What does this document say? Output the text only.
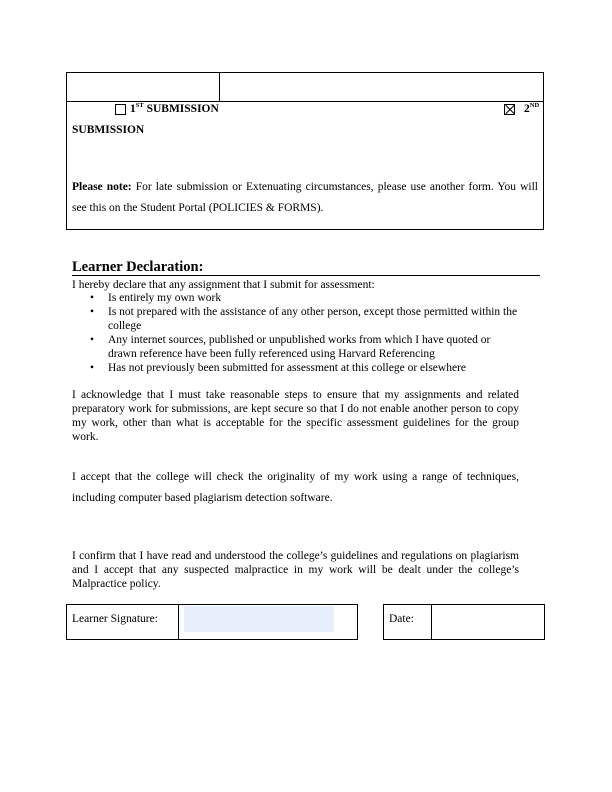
1ST SUBMISSION	2ND
SUBMISSION
Please note: For late submission or Extenuating circumstances, please use another form. You will see this on the Student Portal (POLICIES & FORMS).
Learner Declaration:
I hereby declare that any assignment that I submit for assessment:
• Is entirely my own work
• Is not prepared with the assistance of any other person, except those permitted within the college
• Any internet sources, published or unpublished works from which I have quoted or drawn reference have been fully referenced using Harvard Referencing
• Has not previously been submitted for assessment at this college or elsewhere
I acknowledge that I must take reasonable steps to ensure that my assignments and related preparatory work for submissions, are kept secure so that I do not enable another person to copy my work, other than what is acceptable for the specific assessment guidelines for the group work.
I accept that the college will check the originality of my work using a range of techniques, including computer based plagiarism detection software.
I confirm that I have read and understood the college’s guidelines and regulations on plagiarism and I accept that any suspected malpractice in my work will be dealt under the college’s Malpractice policy.
Learner Signature:	Date:
